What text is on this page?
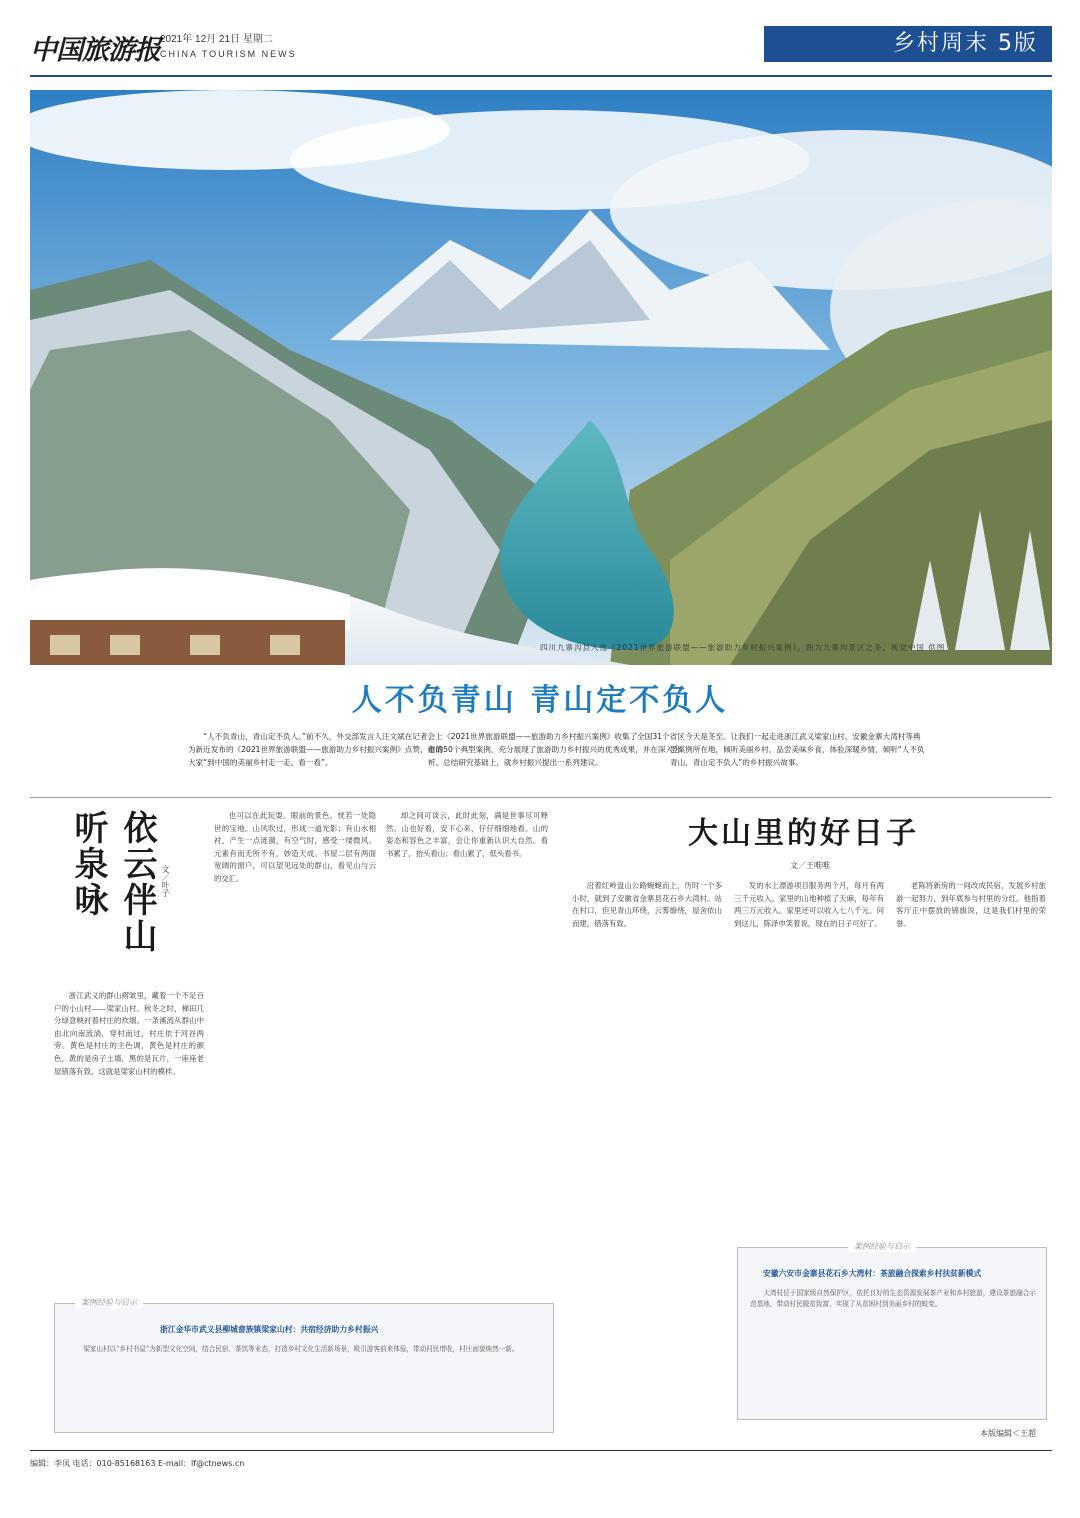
中国旅游报 2021年 12月 21日 星期二
CHINA TOURISM NEWS	乡村周末 5版
四川九寨沟县入选《2021世界旅游联盟——旅游助力乡村振兴案例》。图为九寨沟景区之冬。视觉中国 供图
人不负青山 青山定不负人
“人不负青山，青山定不负人。”前不久，外交部发言人汪文斌在记者会上为新近发布的《2021世界旅游联盟——旅游助力乡村振兴案例》点赞，邀请大家“到中国的美丽乡村走一走、看一看”。
《2021世界旅游联盟——旅游助力乡村振兴案例》收集了全国31个省区市的50个典型案例，充分展现了旅游助力乡村振兴的优秀成果，并在深入分析、总结研究基础上，就乡村振兴提出一系列建议。
今天是冬至。让我们一起走进浙江武义梁家山村、安徽金寨大湾村等典型案例所在地，倾听美丽乡村，品尝美味乡食，体验深暖乡情，倾听“人不负青山，青山定不负人”的乡村振兴故事。
依云伴山 听泉咏	文／叶子
浙江武义的群山褶皱里，藏着一个不足百户的小山村——梁家山村。秋冬之时，梯田几分绿意映衬着村庄的炊烟。一条溪流从群山中由北向南流淌，穿村而过，村庄依于河谷两旁。黄色是村庄的主色调，黄色是村庄的颜色，黄的是房子土墙，黑的是瓦片，一座座老屋错落有致，这就是梁家山村的模样。
也可以在此玩耍。眼前的景色，恍若一处隐世的宝地。山风吹过，形成一道光影；有山水相衬，产生一点涟漪，有空气时，感受一缕微风。元素有而无所不有，妙造天成。书屋二层有两面宽阔的窗户，可以望见远处的群山，看见山与云的交汇。
却之间可谈云，此时此刻，满是世事尽可释然。山也好看，安下心来，仔仔细细地看。山的姿态和容色之丰富，会让你重新认识大自然。看书累了，抬头看山；看山累了，低头看书。
大山里的好日子
文／王唯唯
沿着红岭盘山公路蜿蜒而上，历时一个多小时，就到了安徽省金寨县花石乡大湾村。站在村口，但见青山环绕，云雾缭绕，屋舍依山而建，错落有致。
发的水上漂游项目服务两个月，每月有两三千元收入。家里的山地种植了天麻，每年有两三万元收入。家里还可以收入七八千元。问到这儿，陈泽申笑着说，现在的日子可好了。
老陈将新房的一间改成民宿，发展乡村旅游一起努力，到年底参与村里的分红。他指着客厅正中摆放的锦旗说，这是我们村里的荣誉。
案例经验与启示
浙江金华市武义县柳城畲族镇梁家山村：共宿经济助力乡村振兴
梁家山村以“乡村书屋”为新型文化空间，结合民宿、茶饮等业态，打造乡村文化生活新场景，吸引游客前来体验，带动村民增收，村庄面貌焕然一新。
案例经验与启示
安徽六安市金寨县花石乡大湾村：茶旅融合探索乡村扶贫新模式
大湾村位于国家级自然保护区，依托良好的生态资源发展茶产业和乡村旅游，建设茶旅融合示范基地，带动村民脱贫致富，实现了从贫困村到美丽乡村的蜕变。
本版编辑＜王超
编辑：李凤 电话：010-85168163 E-mail：lf@ctnews.cn
